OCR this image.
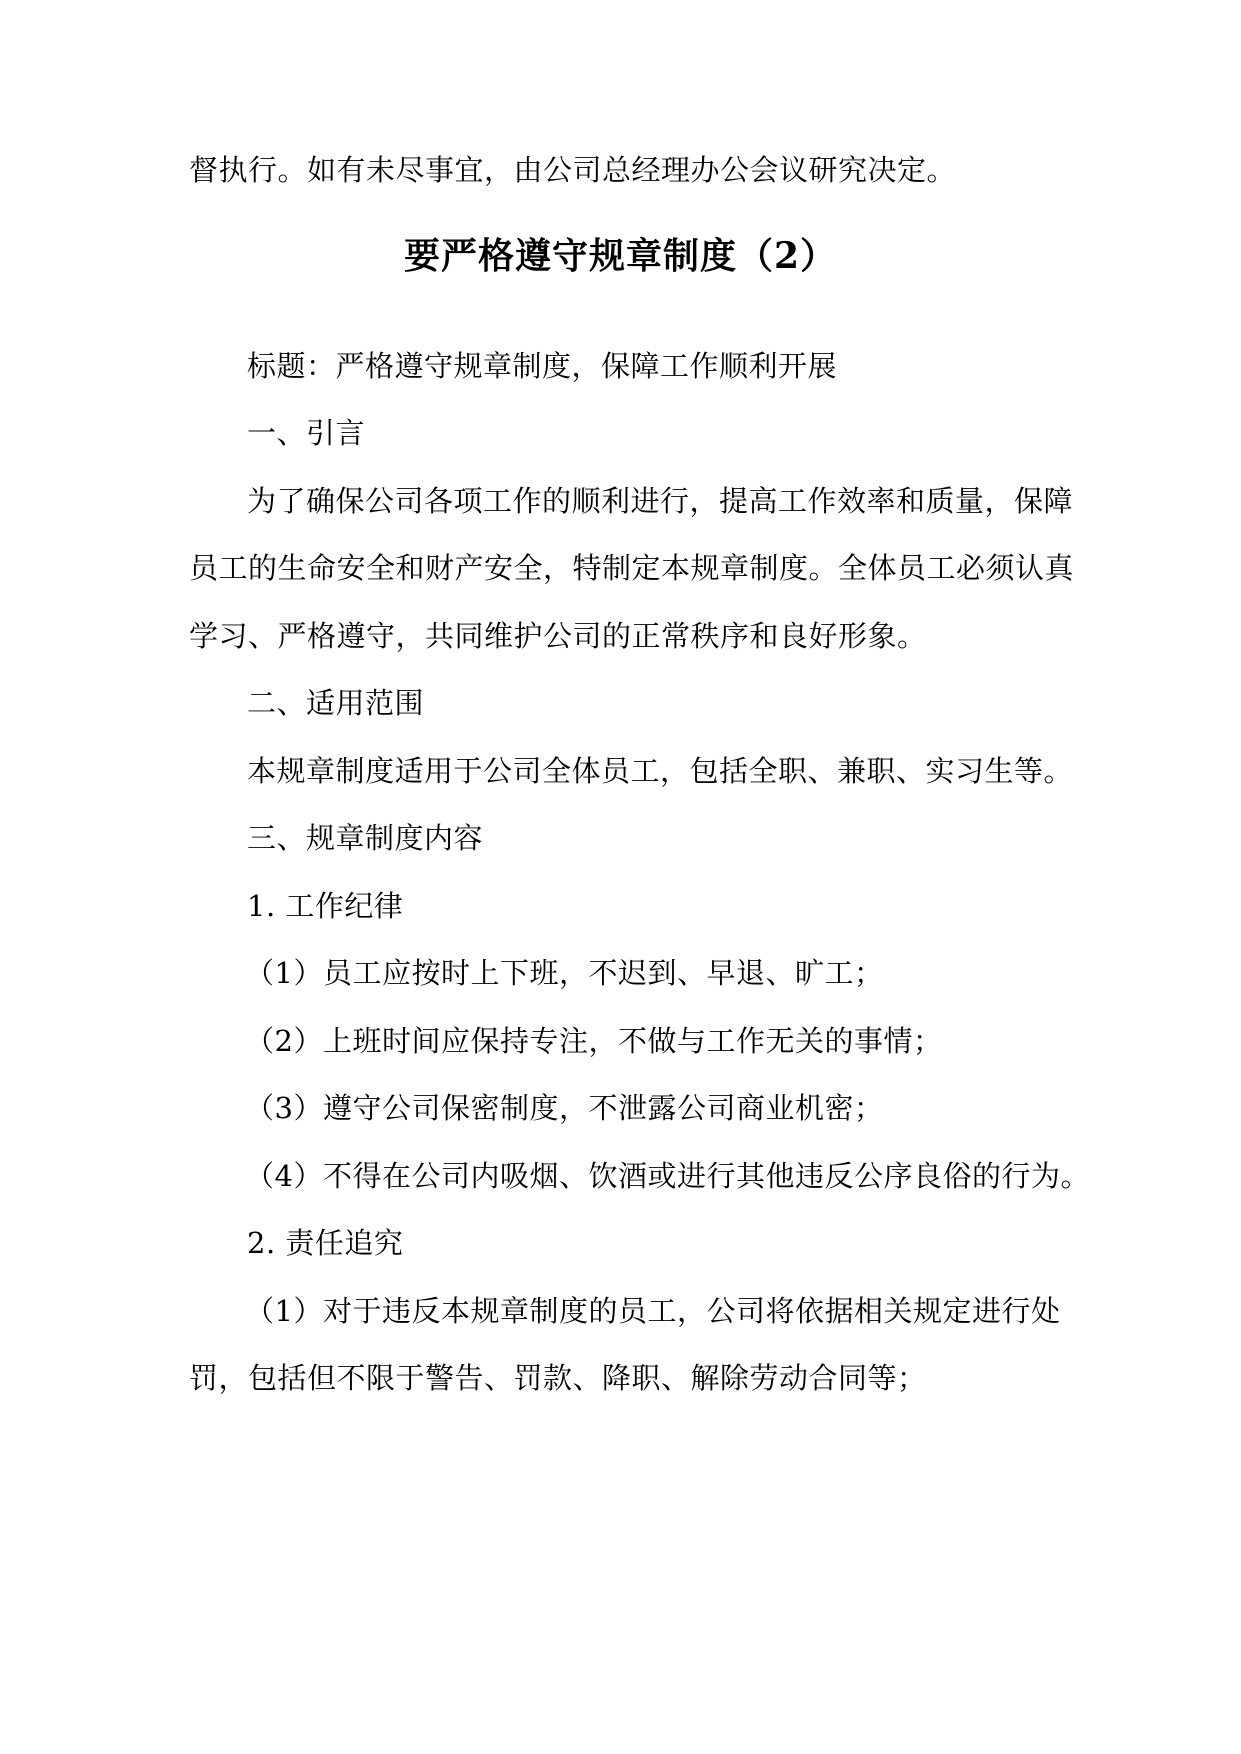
督执行。如有未尽事宜，由公司总经理办公会议研究决定。
要严格遵守规章制度（2）
标题：严格遵守规章制度，保障工作顺利开展
一、引言
为了确保公司各项工作的顺利进行，提高工作效率和质量，保障
员工的生命安全和财产安全，特制定本规章制度。全体员工必须认真
学习、严格遵守，共同维护公司的正常秩序和良好形象。
二、适用范围
本规章制度适用于公司全体员工，包括全职、兼职、实习生等。
三、规章制度内容
1. 工作纪律
（1）员工应按时上下班，不迟到、早退、旷工；
（2）上班时间应保持专注，不做与工作无关的事情；
（3）遵守公司保密制度，不泄露公司商业机密；
（4）不得在公司内吸烟、饮酒或进行其他违反公序良俗的行为。
2. 责任追究
（1）对于违反本规章制度的员工，公司将依据相关规定进行处
罚，包括但不限于警告、罚款、降职、解除劳动合同等；
